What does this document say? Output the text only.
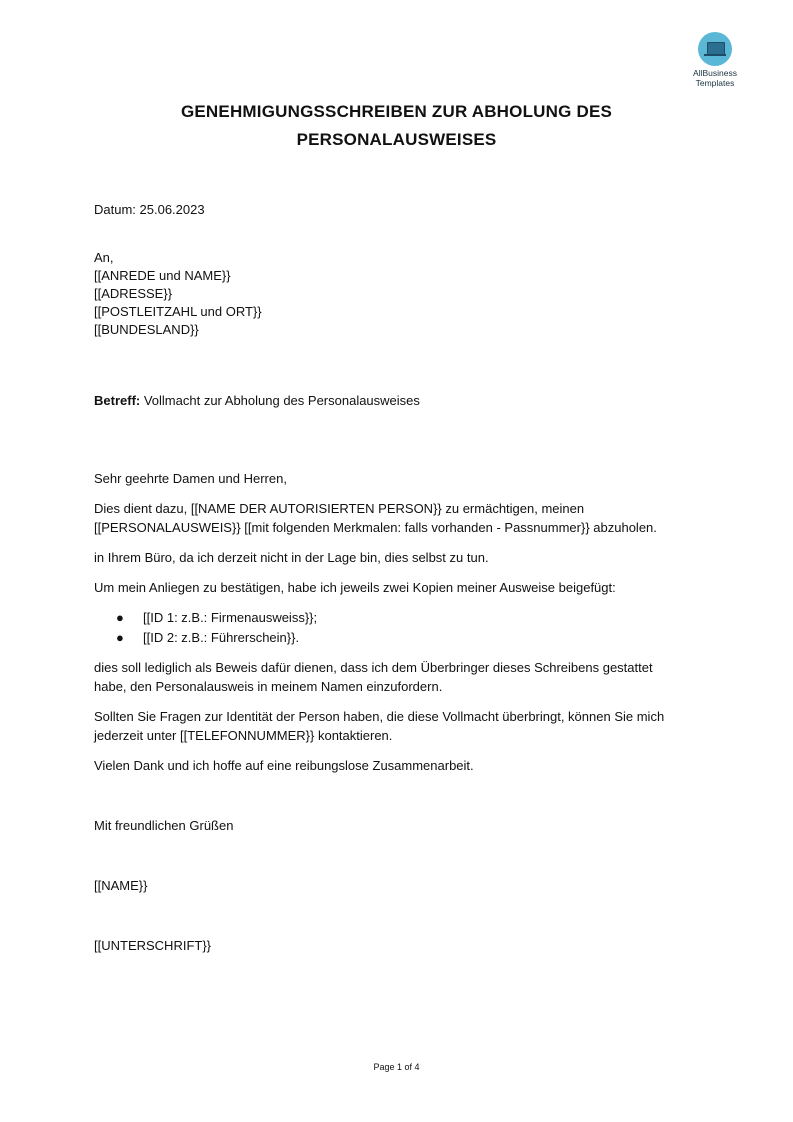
AllBusiness
Templates
GENEHMIGUNGSSCHREIBEN ZUR ABHOLUNG DES
PERSONALAUSWEISES
Datum: 25.06.2023
An,
[[ANREDE und NAME}}
[[ADRESSE}}
[[POSTLEITZAHL und ORT}}
[[BUNDESLAND}}
Betreff: Vollmacht zur Abholung des Personalausweises
Sehr geehrte Damen und Herren,
Dies dient dazu, [[NAME DER AUTORISIERTEN PERSON}} zu ermächtigen, meinen
[[PERSONALAUSWEIS}} [[mit folgenden Merkmalen: falls vorhanden - Passnummer}} abzuholen.
in Ihrem Büro, da ich derzeit nicht in der Lage bin, dies selbst zu tun.
Um mein Anliegen zu bestätigen, habe ich jeweils zwei Kopien meiner Ausweise beigefügt:
● [[ID 1: z.B.: Firmenausweiss}};
● [[ID 2: z.B.: Führerschein}}.
dies soll lediglich als Beweis dafür dienen, dass ich dem Überbringer dieses Schreibens gestattet
habe, den Personalausweis in meinem Namen einzufordern.
Sollten Sie Fragen zur Identität der Person haben, die diese Vollmacht überbringt, können Sie mich
jederzeit unter [[TELEFONNUMMER}} kontaktieren.
Vielen Dank und ich hoffe auf eine reibungslose Zusammenarbeit.
Mit freundlichen Grüßen
[[NAME}}
[[UNTERSCHRIFT}}
Page 1 of 4
